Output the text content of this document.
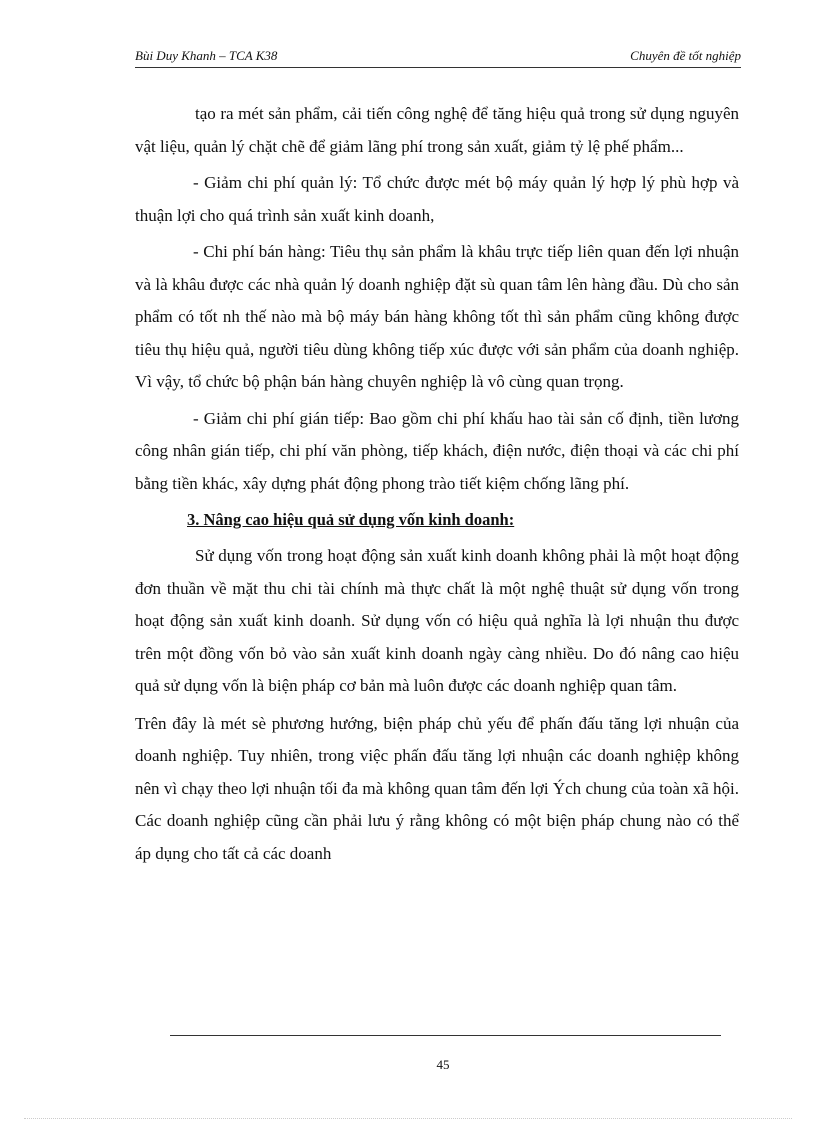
Bùi Duy Khanh – TCA K38	Chuyên đề tốt nghiệp

tạo ra mét sản phẩm, cải tiến công nghệ để tăng hiệu quả trong sử dụng nguyên vật liệu, quản lý chặt chẽ để giảm lãng phí trong sản xuất, giảm tỷ lệ phế phẩm...

- Giảm chi phí quản lý: Tổ chức được mét bộ máy quản lý hợp lý phù hợp và thuận lợi cho quá trình sản xuất kinh doanh,

- Chi phí bán hàng: Tiêu thụ sản phẩm là khâu trực tiếp liên quan đến lợi nhuận và là khâu được các nhà quản lý doanh nghiệp đặt sù quan tâm lên hàng đầu. Dù cho sản phẩm có tốt nh thế nào mà bộ máy bán hàng không tốt thì sản phẩm cũng không được tiêu thụ hiệu quả, người tiêu dùng không tiếp xúc được với sản phẩm của doanh nghiệp. Vì vậy, tổ chức bộ phận bán hàng chuyên nghiệp là vô cùng quan trọng.

- Giảm chi phí gián tiếp: Bao gồm chi phí khấu hao tài sản cố định, tiền lương công nhân gián tiếp, chi phí văn phòng, tiếp khách, điện nước, điện thoại và các chi phí bằng tiền khác, xây dựng phát động phong trào tiết kiệm chống lãng phí.

3. Nâng cao hiệu quả sử dụng vốn kinh doanh:

Sử dụng vốn trong hoạt động sản xuất kinh doanh không phải là một hoạt động đơn thuần về mặt thu chi tài chính mà thực chất là một nghệ thuật sử dụng vốn trong hoạt động sản xuất kinh doanh. Sử dụng vốn có hiệu quả nghĩa là lợi nhuận thu được trên một đồng vốn bỏ vào sản xuất kinh doanh ngày càng nhiều. Do đó nâng cao hiệu quả sử dụng vốn là biện pháp cơ bản mà luôn được các doanh nghiệp quan tâm.

Trên đây là mét sè phương hướng, biện pháp chủ yếu để phấn đấu tăng lợi nhuận của doanh nghiệp. Tuy nhiên, trong việc phấn đấu tăng lợi nhuận các doanh nghiệp không nên vì chạy theo lợi nhuận tối đa mà không quan tâm đến lợi Ých chung của toàn xã hội. Các doanh nghiệp cũng cần phải lưu ý rằng không có một biện pháp chung nào có thể áp dụng cho tất cả các doanh

45
